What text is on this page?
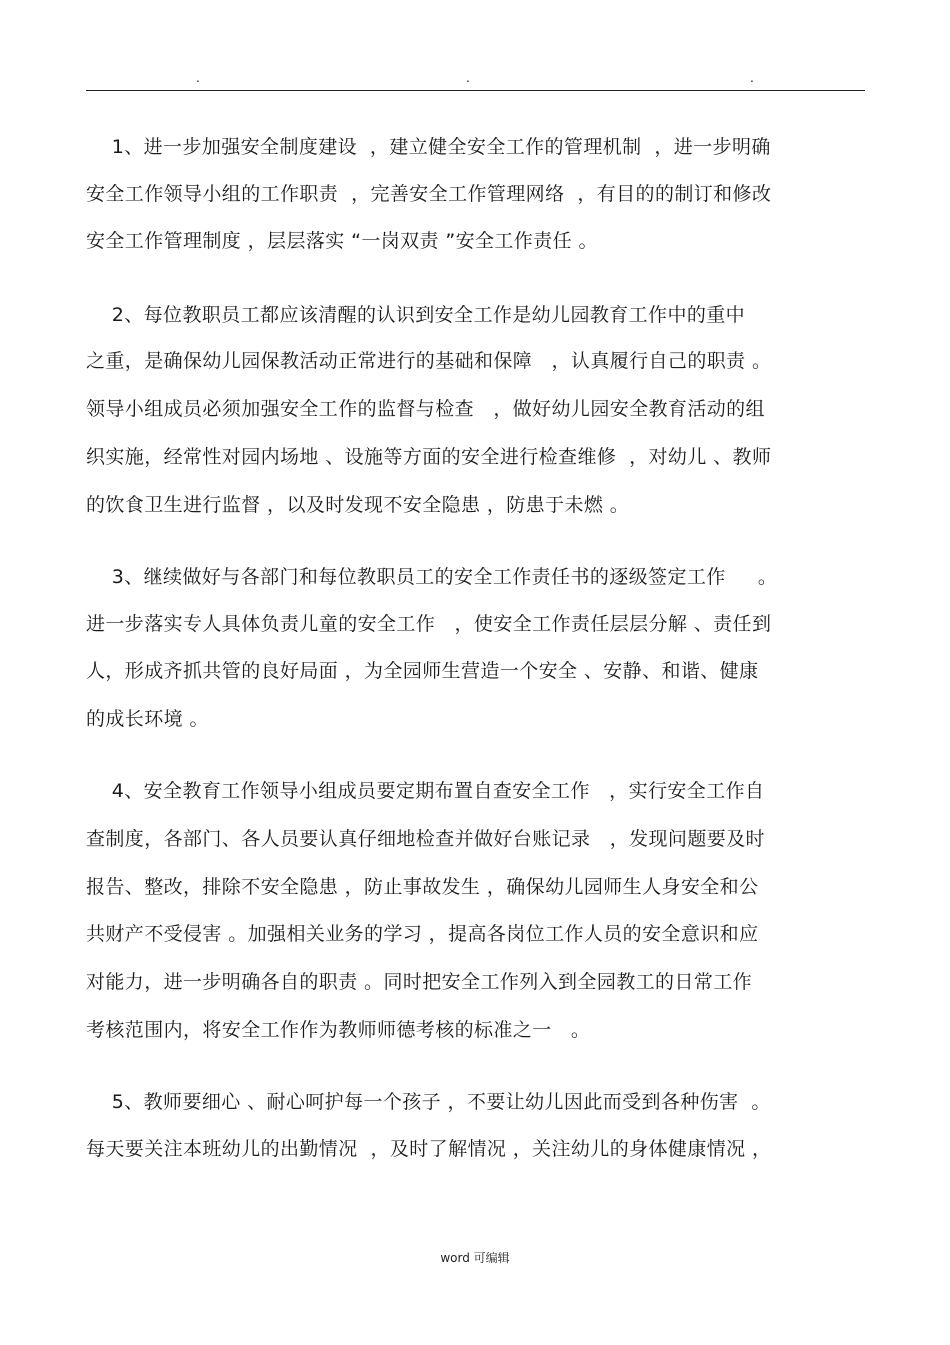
.	.	.
1、进一步加强安全制度建设  ，建立健全安全工作的管理机制  ，进一步明确
安全工作领导小组的工作职责  ，完善安全工作管理网络  ，有目的的制订和修改
安全工作管理制度 ，层层落实 “一岗双责 ”安全工作责任 。
2、每位教职员工都应该清醒的认识到安全工作是幼儿园教育工作中的重中
之重，是确保幼儿园保教活动正常进行的基础和保障   ，认真履行自己的职责 。
领导小组成员必须加强安全工作的监督与检查   ，做好幼儿园安全教育活动的组
织实施，经常性对园内场地 、设施等方面的安全进行检查维修  ，对幼儿 、教师
的饮食卫生进行监督 ，以及时发现不安全隐患 ，防患于未燃 。
3、继续做好与各部门和每位教职员工的安全工作责任书的逐级签定工作     。
进一步落实专人具体负责儿童的安全工作   ，使安全工作责任层层分解 、责任到
人，形成齐抓共管的良好局面 ，为全园师生营造一个安全 、安静、和谐、健康
的成长环境 。
4、安全教育工作领导小组成员要定期布置自查安全工作   ，实行安全工作自
查制度，各部门、各人员要认真仔细地检查并做好台账记录   ，发现问题要及时
报告、整改，排除不安全隐患 ，防止事故发生 ，确保幼儿园师生人身安全和公
共财产不受侵害 。加强相关业务的学习 ，提高各岗位工作人员的安全意识和应
对能力，进一步明确各自的职责 。同时把安全工作列入到全园教工的日常工作
考核范围内，将安全工作作为教师师德考核的标准之一   。
5、教师要细心 、耐心呵护每一个孩子 ，不要让幼儿因此而受到各种伤害  。
每天要关注本班幼儿的出勤情况  ，及时了解情况 ，关注幼儿的身体健康情况 ，
word 可编辑
